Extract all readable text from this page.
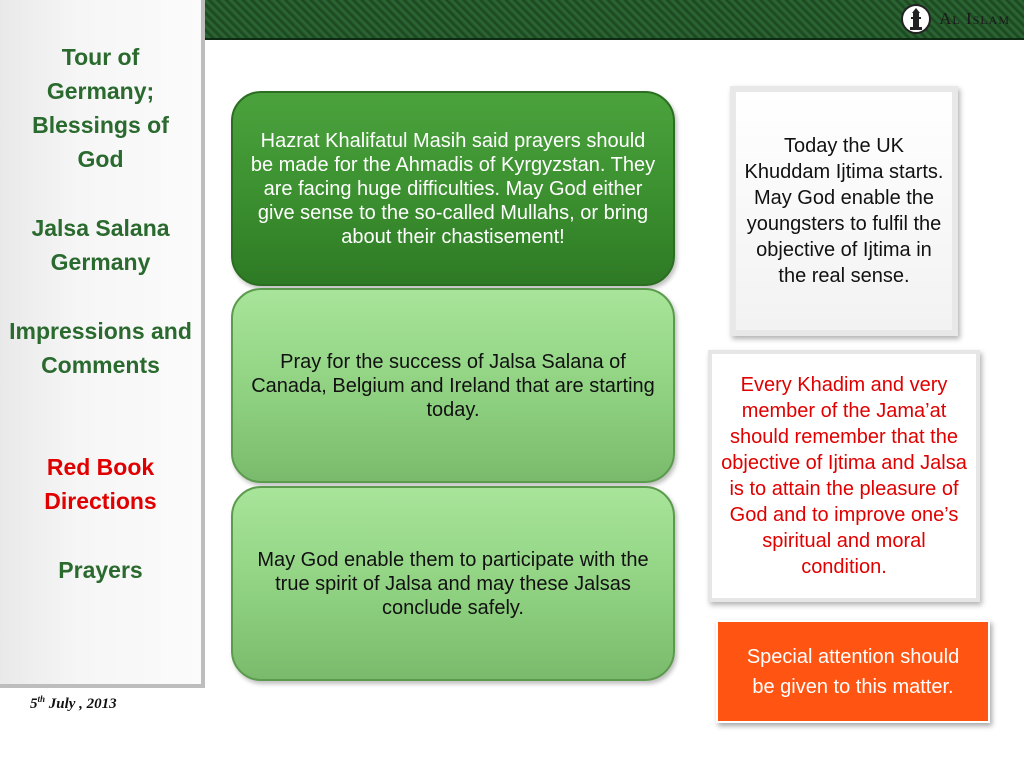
Al Islam
Tour of Germany; Blessings of God
Jalsa Salana Germany
Impressions and Comments
Red Book Directions
Prayers
5th July , 2013
Hazrat Khalifatul Masih said prayers should be made for the Ahmadis of Kyrgyzstan. They are facing huge difficulties. May God either give sense to the so-called Mullahs, or bring about their chastisement!
Pray for the success of Jalsa Salana of Canada, Belgium and Ireland that are starting today.
May God enable them to participate with the true spirit of Jalsa and may these Jalsas conclude safely.
Today the UK Khuddam Ijtima starts. May God enable the youngsters to fulfil the objective of Ijtima in the real sense.
Every Khadim and very member of the Jama’at should remember that the objective of Ijtima and Jalsa is to attain the pleasure of God and to improve one’s spiritual and moral condition.
Special attention should be given to this matter.
